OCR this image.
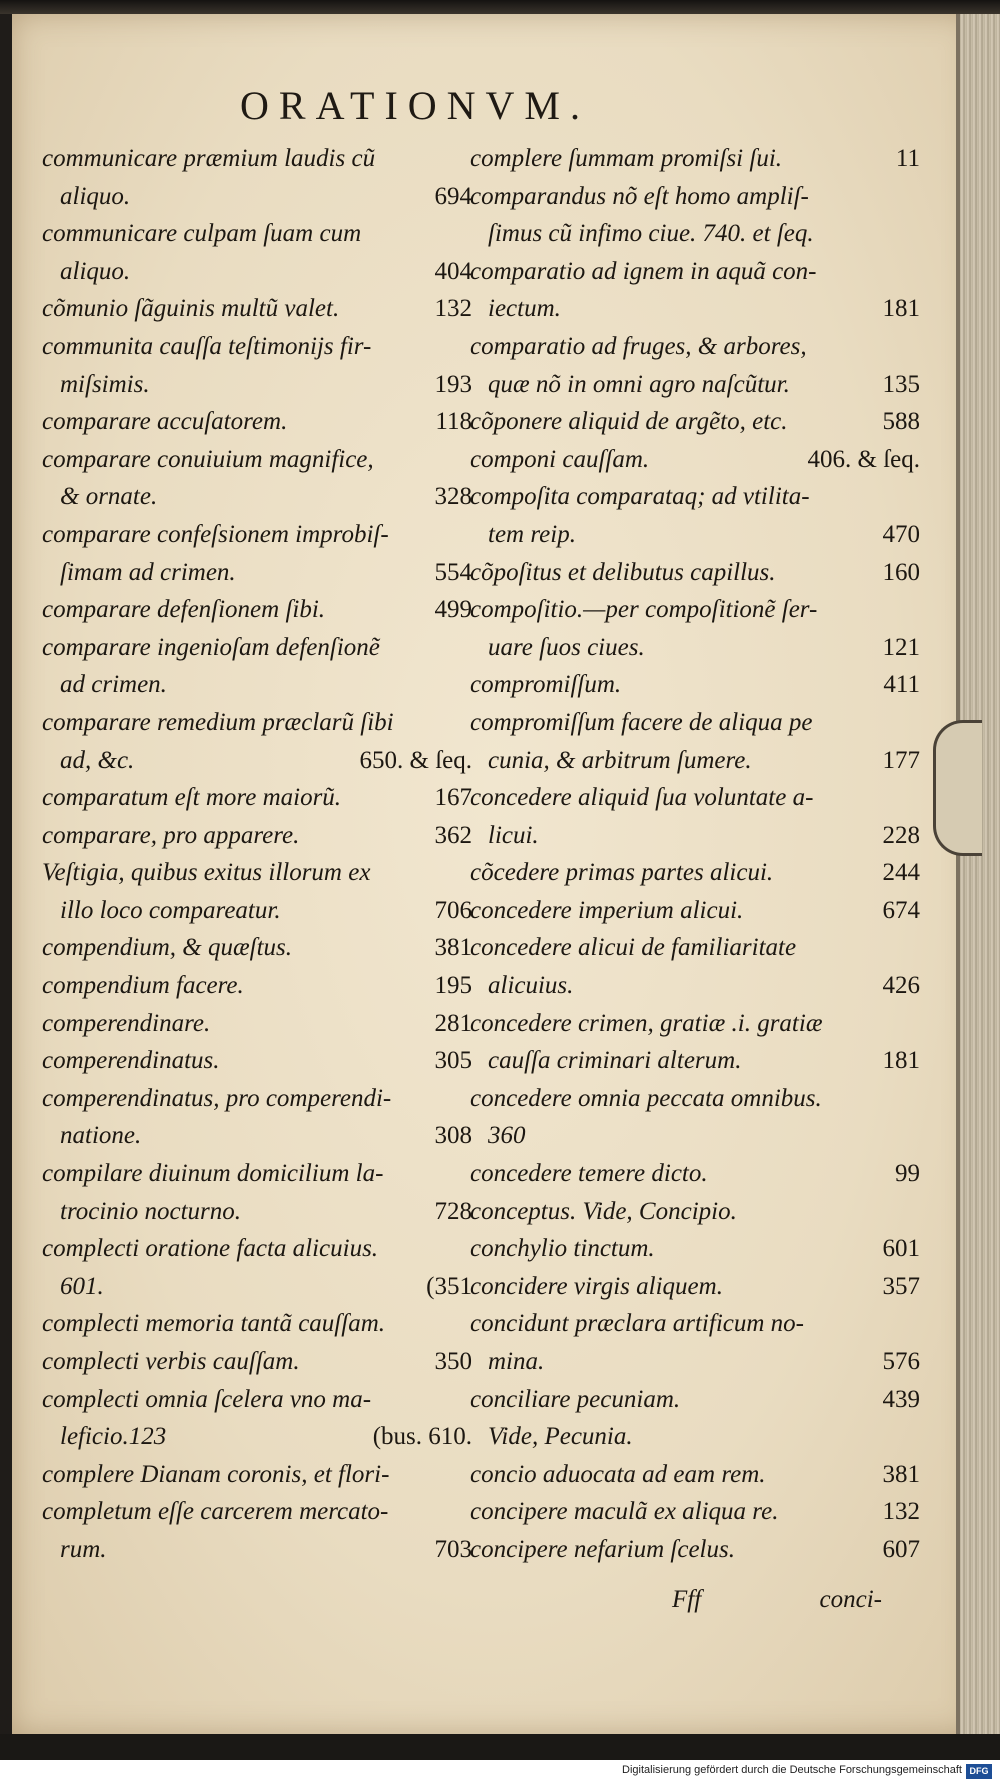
ORATIONVM.
communicare præmium laudis cũ
aliquo.	694
communicare culpam ſuam cum
aliquo.	404
cõmunio ſãguinis multũ valet.	132
communita cauſſa teſtimonijs fir-
miſsimis.	193
comparare accuſatorem.	118
comparare conuiuium magnifice,
& ornate.	328
comparare confeſsionem improbiſ-
ſimam ad crimen.	554
comparare defenſionem ſibi.	499
comparare ingenioſam defenſionẽ
ad crimen.
comparare remedium præclarũ ſibi
ad, &c.	650. & ſeq.
comparatum eſt more maiorũ.	167
comparare, pro apparere.	362
Veſtigia, quibus exitus illorum ex
illo loco compareatur.	706
compendium, & quæſtus.	381
compendium facere.	195
comperendinare.	281
comperendinatus.	305
comperendinatus, pro comperendi-
natione.	308
compilare diuinum domicilium la-
trocinio nocturno.	728
complecti oratione facta alicuius.
601.	(351
complecti memoria tantã cauſſam.
complecti verbis cauſſam.	350
complecti omnia ſcelera vno ma-
leficio.123	(bus. 610.
complere Dianam coronis, et flori-
completum eſſe carcerem mercato-
rum.	703
complere ſummam promiſsi ſui.	11
comparandus nõ eſt homo ampliſ-
ſimus cũ infimo ciue. 740. et ſeq.
comparatio ad ignem in aquã con-
iectum.	181
comparatio ad fruges, & arbores,
quæ nõ in omni agro naſcũtur.	135
cõponere aliquid de argẽto, etc.	588
componi cauſſam.	406. & ſeq.
compoſita comparataq; ad vtilita-
tem reip.	470
cõpoſitus et delibutus capillus.	160
compoſitio.—per compoſitionẽ ſer-
uare ſuos ciues.	121
compromiſſum.	411
compromiſſum facere de aliqua pe
cunia, & arbitrum ſumere.	177
concedere aliquid ſua voluntate a-
licui.	228
cõcedere primas partes alicui.	244
concedere imperium alicui.	674
concedere alicui de familiaritate
alicuius.	426
concedere crimen, gratiæ .i. gratiæ
cauſſa criminari alterum.	181
concedere omnia peccata omnibus.
360
concedere temere dicto.	99
conceptus. Vide, Concipio.
conchylio tinctum.	601
concidere virgis aliquem.	357
concidunt præclara artificum no-
mina.	576
conciliare pecuniam.	439
Vide, Pecunia.
concio aduocata ad eam rem.	381
concipere maculã ex aliqua re.	132
concipere nefarium ſcelus.	607
Fff	conci-
Digitalisierung gefördert durch die Deutsche Forschungsgemeinschaft DFG
